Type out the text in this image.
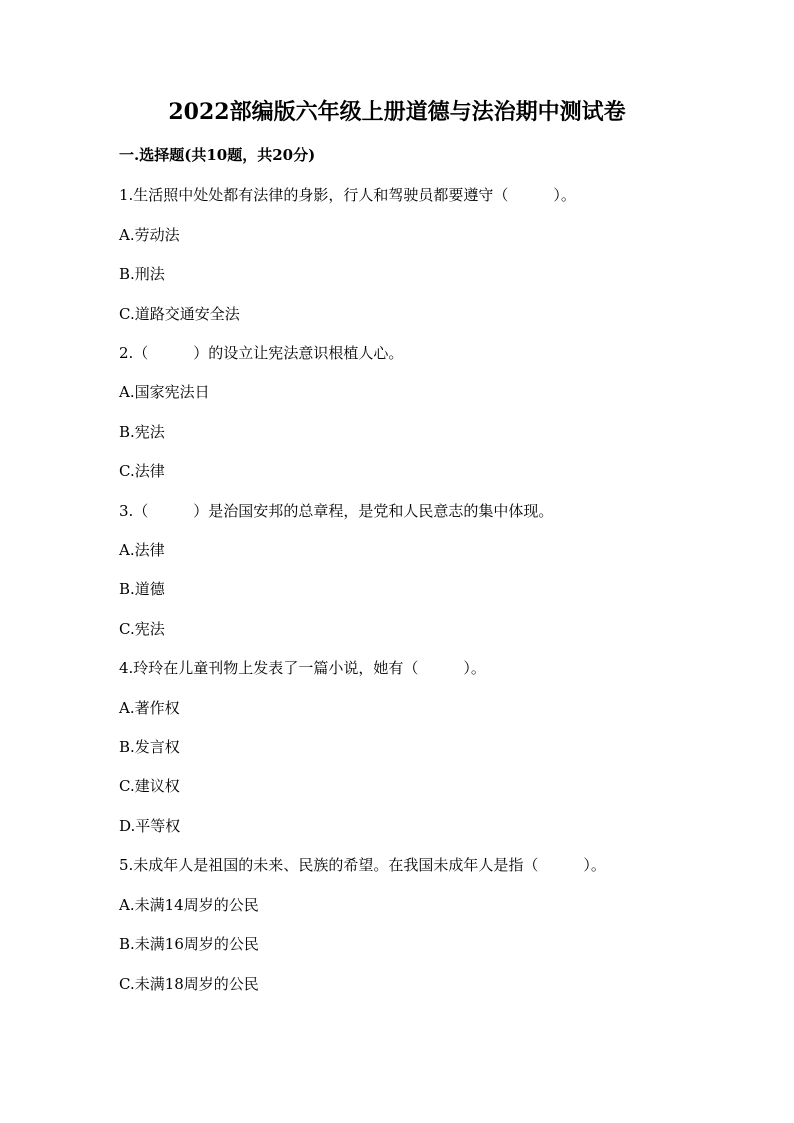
2022部编版六年级上册道德与法治期中测试卷
一.选择题(共10题，共20分)
1.生活照中处处都有法律的身影，行人和驾驶员都要遵守（　　　）。
A.劳动法
B.刑法
C.道路交通安全法
2.（　　　）的设立让宪法意识根植人心。
A.国家宪法日
B.宪法
C.法律
3.（　　　）是治国安邦的总章程，是党和人民意志的集中体现。
A.法律
B.道德
C.宪法
4.玲玲在儿童刊物上发表了一篇小说，她有（　　　）。
A.著作权
B.发言权
C.建议权
D.平等权
5.未成年人是祖国的未来、民族的希望。在我国未成年人是指（　　　）。
A.未满14周岁的公民
B.未满16周岁的公民
C.未满18周岁的公民
